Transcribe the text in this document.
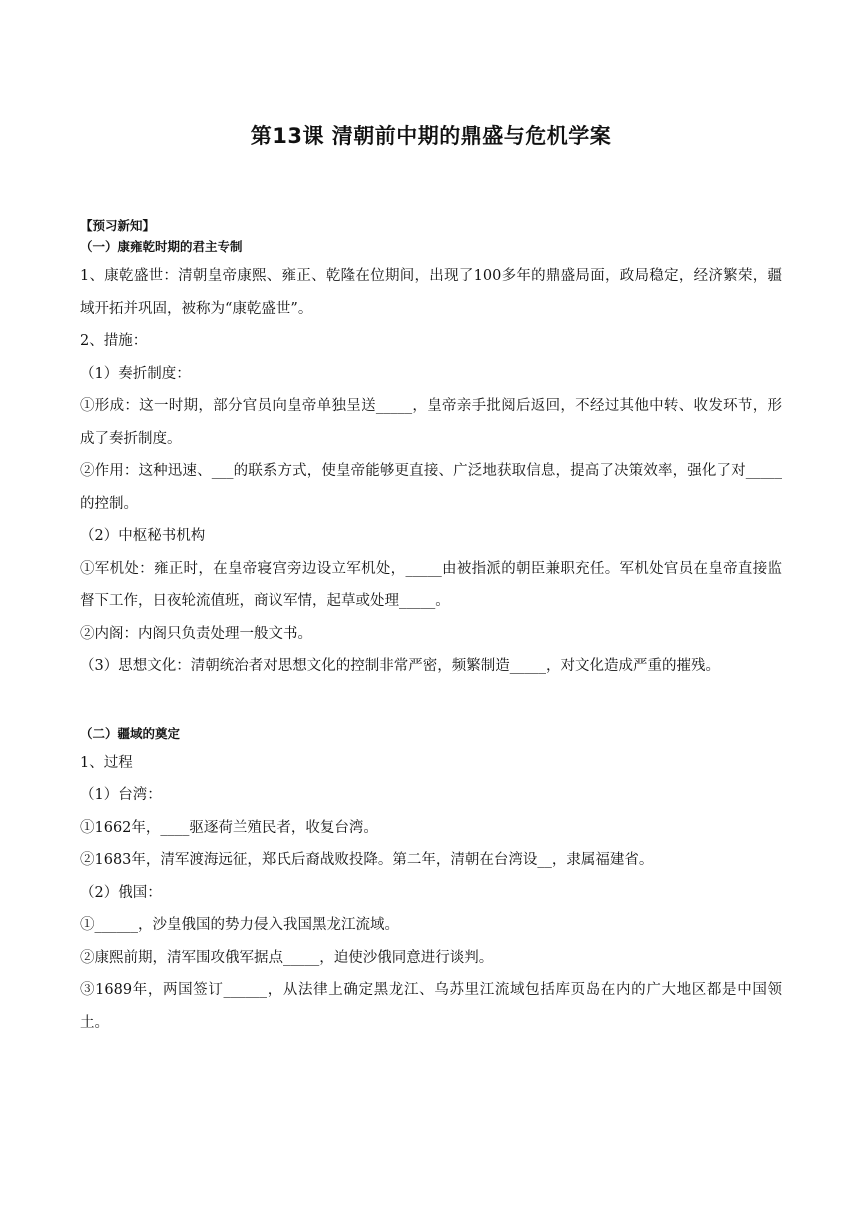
第13课 清朝前中期的鼎盛与危机学案

【预习新知】

（一）康雍乾时期的君主专制

1、康乾盛世：清朝皇帝康熙、雍正、乾隆在位期间，出现了100多年的鼎盛局面，政局稳定，经济繁荣，疆域开拓并巩固，被称为“康乾盛世”。

2、措施：

（1）奏折制度：

①形成：这一时期，部分官员向皇帝单独呈送_____，皇帝亲手批阅后返回，不经过其他中转、收发环节，形成了奏折制度。

②作用：这种迅速、___的联系方式，使皇帝能够更直接、广泛地获取信息，提高了决策效率，强化了对_____的控制。

（2）中枢秘书机构

①军机处：雍正时，在皇帝寝宫旁边设立军机处，_____由被指派的朝臣兼职充任。军机处官员在皇帝直接监督下工作，日夜轮流值班，商议军情，起草或处理_____。

②内阁：内阁只负责处理一般文书。

（3）思想文化：清朝统治者对思想文化的控制非常严密，频繁制造_____，对文化造成严重的摧残。

（二）疆域的奠定

1、过程

（1）台湾：

①1662年，____驱逐荷兰殖民者，收复台湾。

②1683年，清军渡海远征，郑氏后裔战败投降。第二年，清朝在台湾设__，隶属福建省。

（2）俄国：

①______，沙皇俄国的势力侵入我国黑龙江流域。

②康熙前期，清军围攻俄军据点_____，迫使沙俄同意进行谈判。

③1689年，两国签订______，从法律上确定黑龙江、乌苏里江流域包括库页岛在内的广大地区都是中国领土。
